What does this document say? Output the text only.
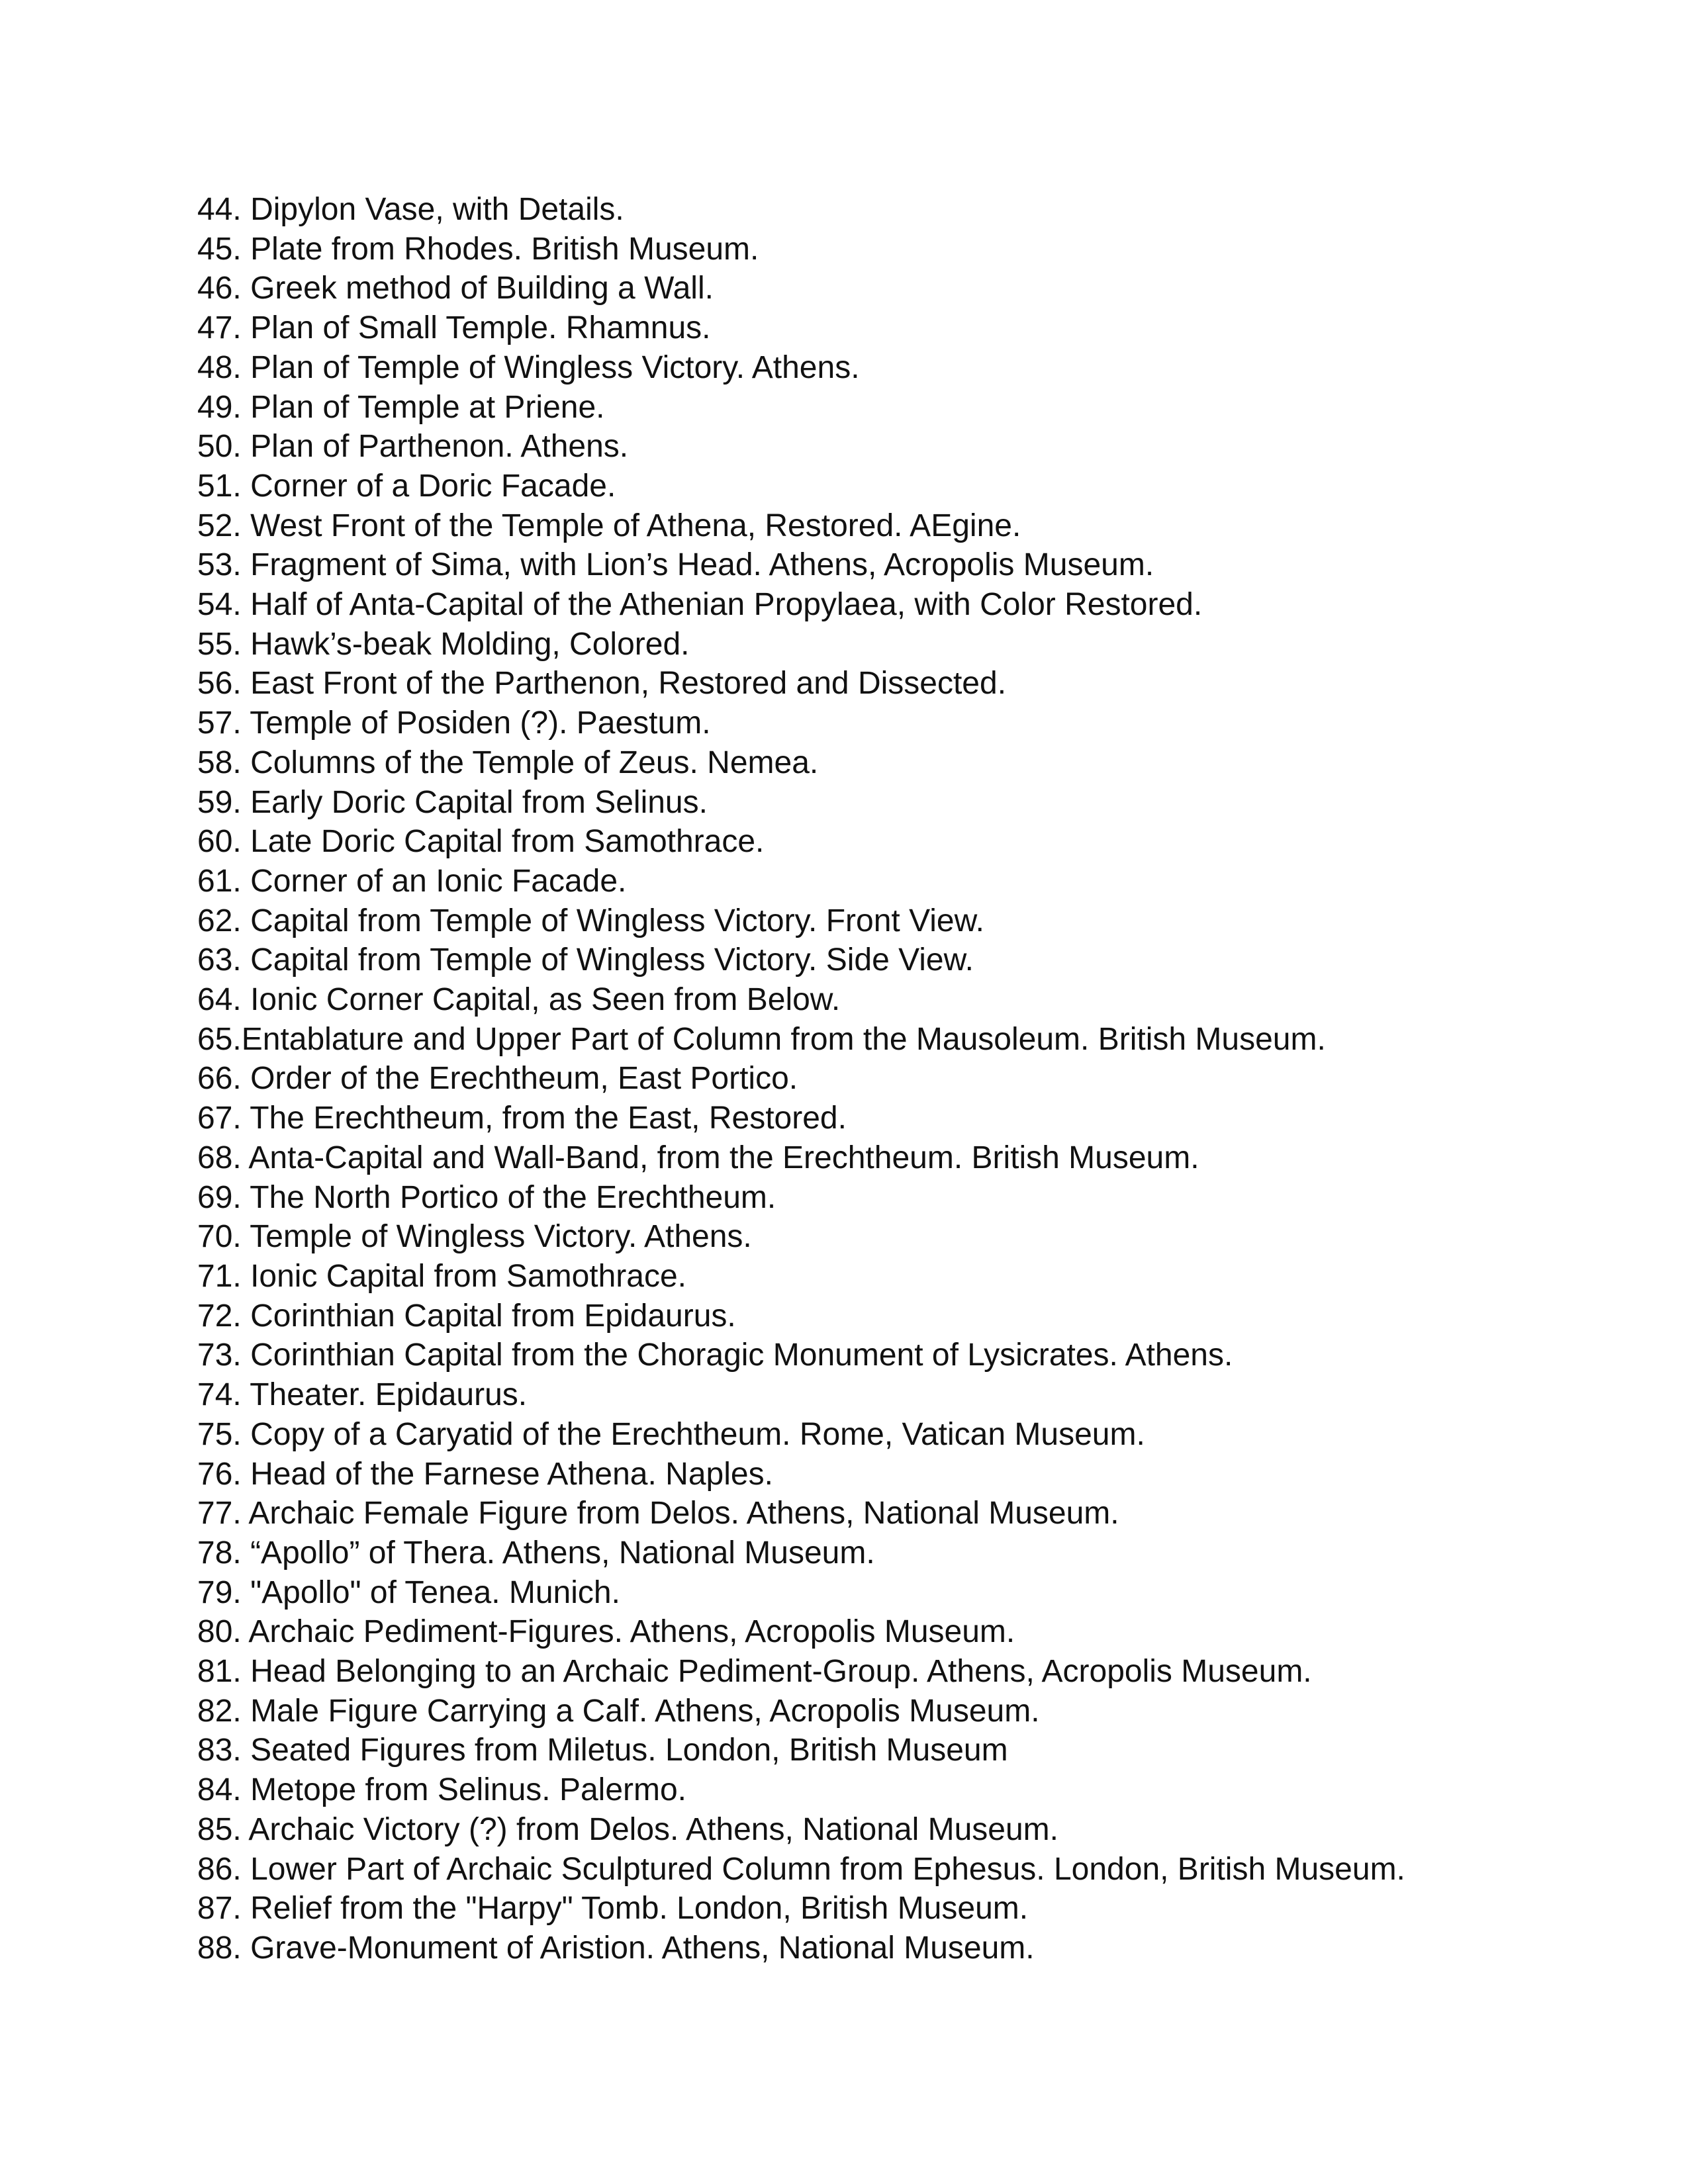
44. Dipylon Vase, with Details.
45. Plate from Rhodes. British Museum.
46. Greek method of Building a Wall.
47. Plan of Small Temple. Rhamnus.
48. Plan of Temple of Wingless Victory. Athens.
49. Plan of Temple at Priene.
50. Plan of Parthenon. Athens.
51. Corner of a Doric Facade.
52. West Front of the Temple of Athena, Restored. AEgine.
53. Fragment of Sima, with Lion’s Head. Athens, Acropolis Museum.
54. Half of Anta-Capital of the Athenian Propylaea, with Color Restored.
55. Hawk’s-beak Molding, Colored.
56. East Front of the Parthenon, Restored and Dissected.
57. Temple of Posiden (?). Paestum.
58. Columns of the Temple of Zeus. Nemea.
59. Early Doric Capital from Selinus.
60. Late Doric Capital from Samothrace.
61. Corner of an Ionic Facade.
62. Capital from Temple of Wingless Victory. Front View.
63. Capital from Temple of Wingless Victory. Side View.
64. Ionic Corner Capital, as Seen from Below.
65.Entablature and Upper Part of Column from the Mausoleum. British Museum.
66. Order of the Erechtheum, East Portico.
67. The Erechtheum, from the East, Restored.
68. Anta-Capital and Wall-Band, from the Erechtheum. British Museum.
69. The North Portico of the Erechtheum.
70. Temple of Wingless Victory. Athens.
71. Ionic Capital from Samothrace.
72. Corinthian Capital from Epidaurus.
73. Corinthian Capital from the Choragic Monument of Lysicrates. Athens.
74. Theater. Epidaurus.
75. Copy of a Caryatid of the Erechtheum. Rome, Vatican Museum.
76. Head of the Farnese Athena. Naples.
77. Archaic Female Figure from Delos. Athens, National Museum.
78. “Apollo” of Thera. Athens, National Museum.
79. "Apollo" of Tenea. Munich.
80. Archaic Pediment-Figures. Athens, Acropolis Museum.
81. Head Belonging to an Archaic Pediment-Group. Athens, Acropolis Museum.
82. Male Figure Carrying a Calf. Athens, Acropolis Museum.
83. Seated Figures from Miletus. London, British Museum
84. Metope from Selinus. Palermo.
85. Archaic Victory (?) from Delos. Athens, National Museum.
86. Lower Part of Archaic Sculptured Column from Ephesus. London, British Museum.
87. Relief from the "Harpy" Tomb. London, British Museum.
88. Grave-Monument of Aristion. Athens, National Museum.
